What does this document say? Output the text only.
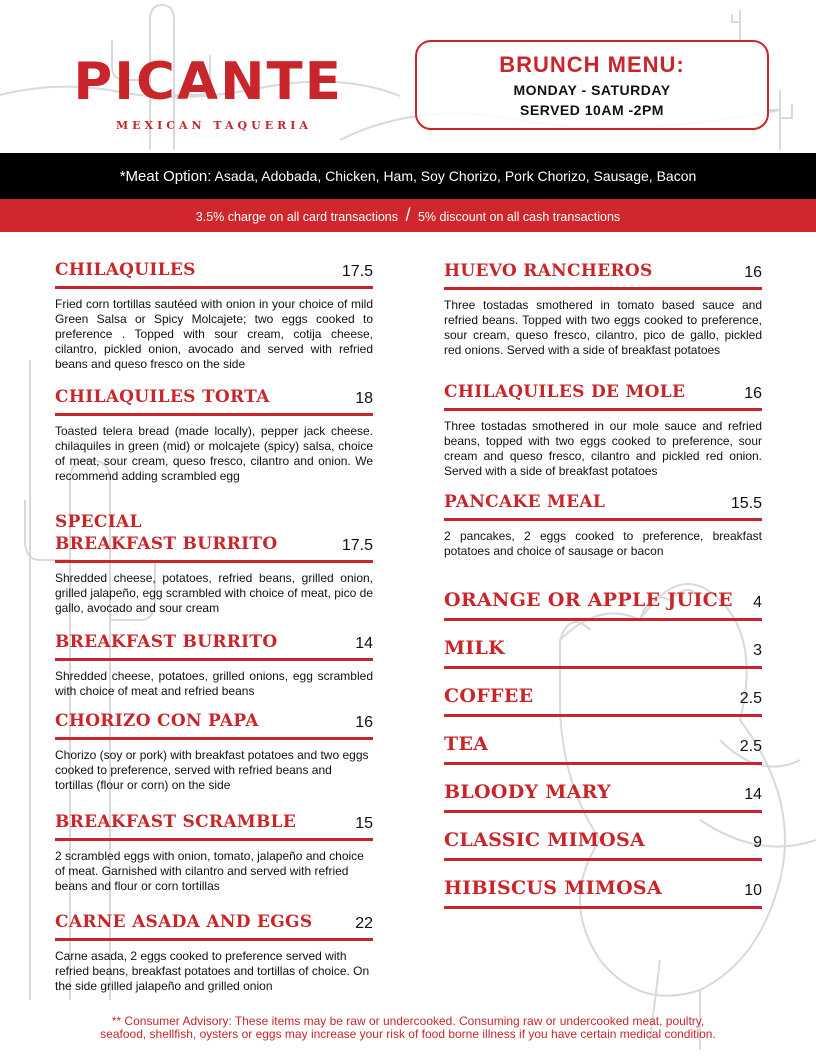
PICANTE
MEXICAN TAQUERIA
BRUNCH MENU:
MONDAY - SATURDAY
SERVED 10AM -2PM
*Meat Option: Asada, Adobada, Chicken, Ham, Soy Chorizo, Pork Chorizo, Sausage, Bacon
3.5% charge on all card transactions / 5% discount on all cash transactions
CHILAQUILES	17.5
Fried corn tortillas sautéed with onion in your choice of mild Green Salsa or Spicy Molcajete; two eggs cooked to preference . Topped with sour cream, cotija cheese, cilantro, pickled onion, avocado and served with refried beans and queso fresco on the side
CHILAQUILES TORTA	18
Toasted telera bread (made locally), pepper jack cheese. chilaquiles in green (mid) or molcajete (spicy) salsa, choice of meat, sour cream, queso fresco, cilantro and onion. We recommend adding scrambled egg
SPECIAL
BREAKFAST BURRITO	17.5
Shredded cheese, potatoes, refried beans, grilled onion, grilled jalapeño, egg scrambled with choice of meat, pico de gallo, avocado and sour cream
BREAKFAST BURRITO	14
Shredded cheese, potatoes, grilled onions, egg scrambled with choice of meat and refried beans
CHORIZO CON PAPA	16
Chorizo (soy or pork) with breakfast potatoes and two eggs cooked to preference, served with refried beans and tortillas (flour or corn) on the side
BREAKFAST SCRAMBLE	15
2 scrambled eggs with onion, tomato, jalapeño and choice of meat. Garnished with cilantro and served with refried beans and flour or corn tortillas
CARNE ASADA AND EGGS	22
Carne asada, 2 eggs cooked to preference served with refried beans, breakfast potatoes and tortillas of choice. On the side grilled jalapeño and grilled onion
HUEVO RANCHEROS	16
Three tostadas smothered in tomato based sauce and refried beans. Topped with two eggs cooked to preference, sour cream, queso fresco, cilantro, pico de gallo, pickled red onions. Served with a side of breakfast potatoes
CHILAQUILES DE MOLE	16
Three tostadas smothered in our mole sauce and refried beans, topped with two eggs cooked to preference, sour cream and queso fresco, cilantro and pickled red onion. Served with a side of breakfast potatoes
PANCAKE MEAL	15.5
2 pancakes, 2 eggs cooked to preference, breakfast potatoes and choice of sausage or bacon
ORANGE OR APPLE JUICE 4
MILK	3
COFFEE	2.5
TEA	2.5
BLOODY MARY	14
CLASSIC MIMOSA	9
HIBISCUS MIMOSA	10
** Consumer Advisory: These items may be raw or undercooked. Consuming raw or undercooked meat, poultry,
seafood, shellfish, oysters or eggs may increase your risk of food borne illness if you have certain medical condition.
